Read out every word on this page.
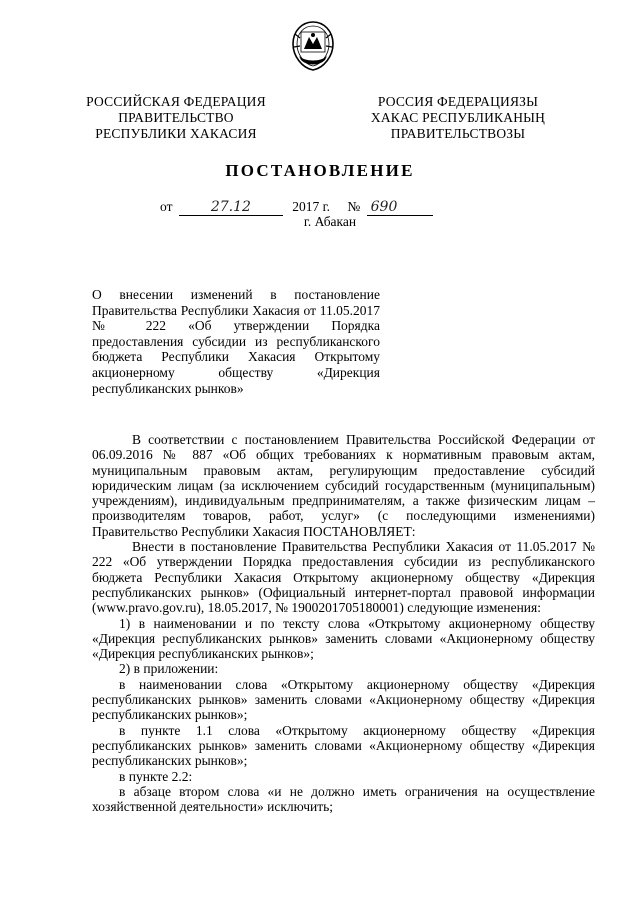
РОССИЙСКАЯ ФЕДЕРАЦИЯ
ПРАВИТЕЛЬСТВО
РЕСПУБЛИКИ ХАКАСИЯ
РОССИЯ ФЕДЕРАЦИЯЗЫ
ХАКАС РЕСПУБЛИКАНЫҢ
ПРАВИТЕЛЬСТВОЗЫ
ПОСТАНОВЛЕНИЕ
от	27.12	2017 г. № 690
г. Абакан
О внесении изменений в постановление Правительства Республики Хакасия от 11.05.2017 № 222 «Об утверждении Порядка предоставления субсидии из республиканского бюджета Республики Хакасия Открытому акционерному обществу «Дирекция республиканских рынков»

В соответствии с постановлением Правительства Российской Федерации от 06.09.2016 № 887 «Об общих требованиях к нормативным правовым актам, муниципальным правовым актам, регулирующим предоставление субсидий юридическим лицам (за исключением субсидий государственным (муниципальным) учреждениям), индивидуальным предпринимателям, а также физическим лицам – производителям товаров, работ, услуг» (с последующими изменениями) Правительство Республики Хакасия ПОСТАНОВЛЯЕТ:

Внести в постановление Правительства Республики Хакасия от 11.05.2017 № 222 «Об утверждении Порядка предоставления субсидии из республиканского бюджета Республики Хакасия Открытому акционерному обществу «Дирекция республиканских рынков» (Официальный интернет-портал правовой информации (www.pravo.gov.ru), 18.05.2017, № 1900201705180001) следующие изменения:

1) в наименовании и по тексту слова «Открытому акционерному обществу «Дирекция республиканских рынков» заменить словами «Акционерному обществу «Дирекция республиканских рынков»;

2) в приложении:

в наименовании слова «Открытому акционерному обществу «Дирекция республиканских рынков» заменить словами «Акционерному обществу «Дирекция республиканских рынков»;

в пункте 1.1 слова «Открытому акционерному обществу «Дирекция республиканских рынков» заменить словами «Акционерному обществу «Дирекция республиканских рынков»;

в пункте 2.2:

в абзаце втором слова «и не должно иметь ограничения на осуществление хозяйственной деятельности» исключить;
